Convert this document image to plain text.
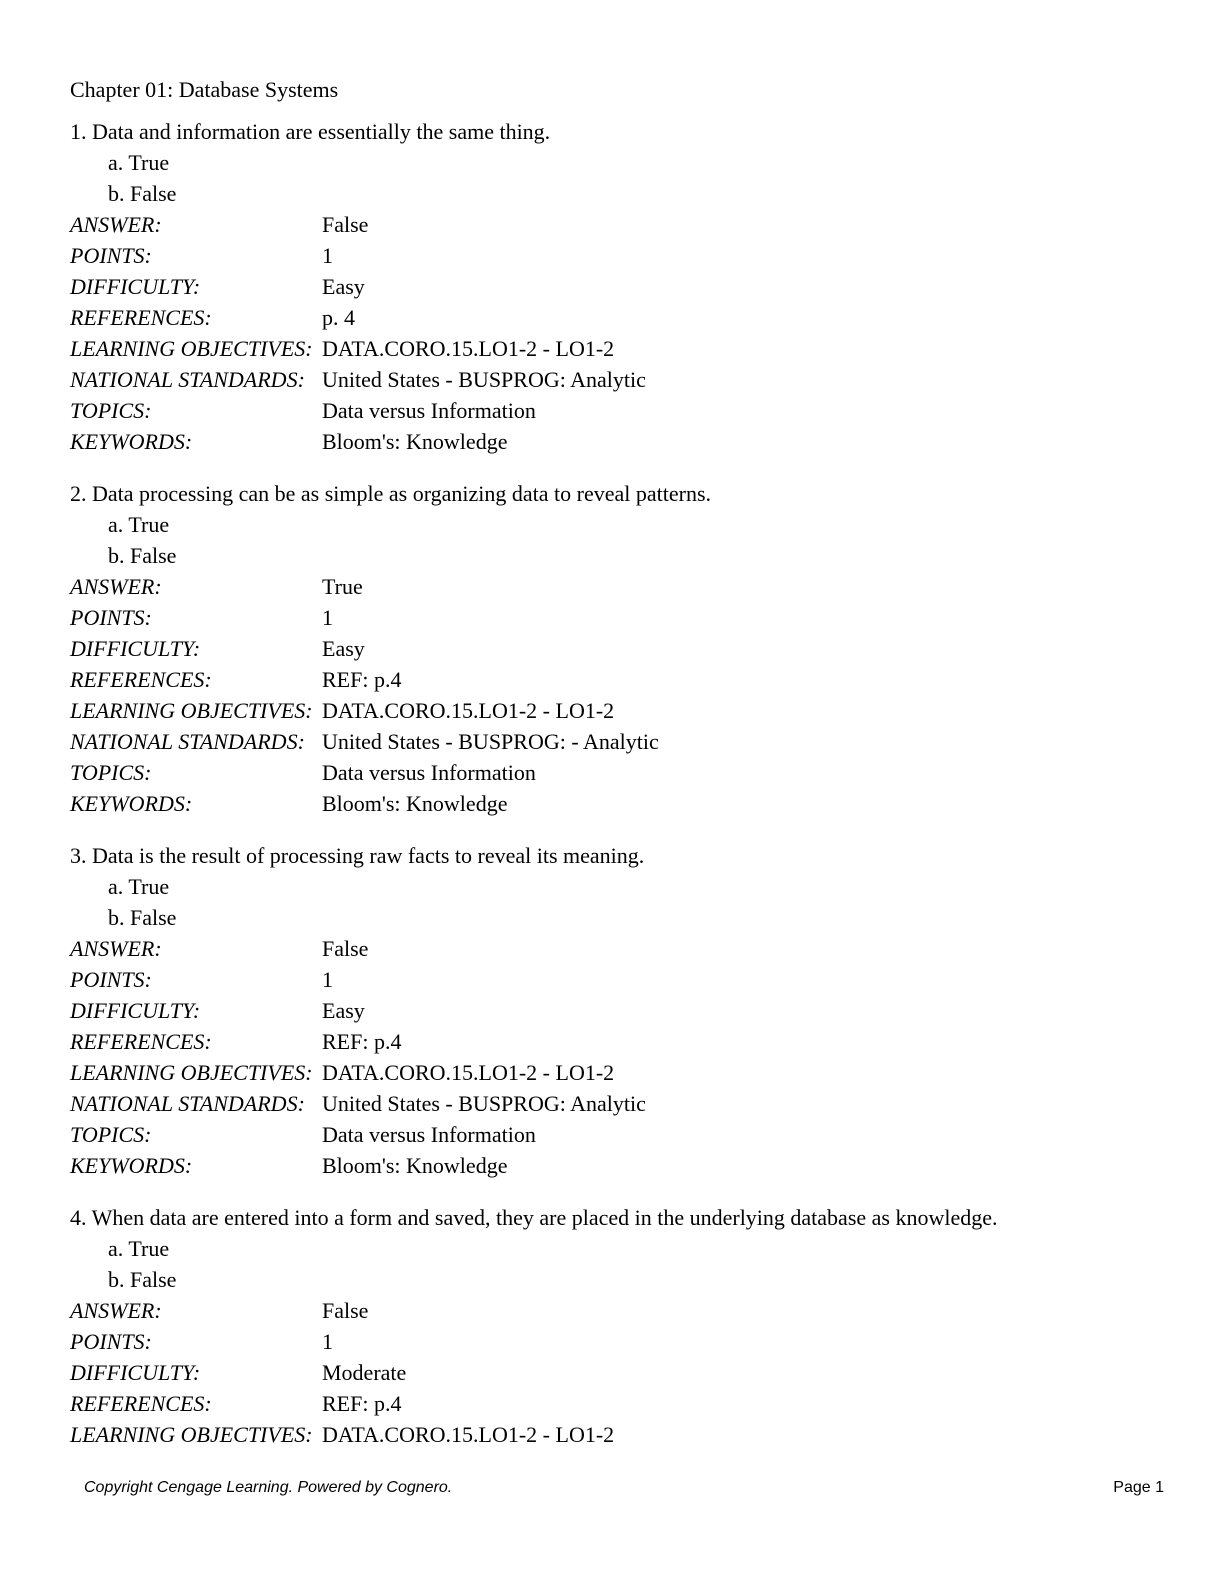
Chapter 01: Database Systems

1. Data and information are essentially the same thing.

a. True

b. False

ANSWER:	False
POINTS:	1
DIFFICULTY:	Easy
REFERENCES:	p. 4
LEARNING OBJECTIVES: DATA.CORO.15.LO1-2 - LO1-2
NATIONAL STANDARDS: United States - BUSPROG: Analytic
TOPICS:	Data versus Information
KEYWORDS:	Bloom's: Knowledge

2. Data processing can be as simple as organizing data to reveal patterns.

a. True

b. False

ANSWER:	True
POINTS:	1
DIFFICULTY:	Easy
REFERENCES:	REF: p.4
LEARNING OBJECTIVES: DATA.CORO.15.LO1-2 - LO1-2
NATIONAL STANDARDS: United States - BUSPROG: - Analytic
TOPICS:	Data versus Information
KEYWORDS:	Bloom's: Knowledge

3. Data is the result of processing raw facts to reveal its meaning.

a. True

b. False

ANSWER:	False
POINTS:	1
DIFFICULTY:	Easy
REFERENCES:	REF: p.4
LEARNING OBJECTIVES: DATA.CORO.15.LO1-2 - LO1-2
NATIONAL STANDARDS: United States - BUSPROG: Analytic
TOPICS:	Data versus Information
KEYWORDS:	Bloom's: Knowledge

4. When data are entered into a form and saved, they are placed in the underlying database as knowledge.

a. True

b. False

ANSWER:	False
POINTS:	1
DIFFICULTY:	Moderate
REFERENCES:	REF: p.4
LEARNING OBJECTIVES: DATA.CORO.15.LO1-2 - LO1-2
Copyright Cengage Learning. Powered by Cognero.	Page 1
